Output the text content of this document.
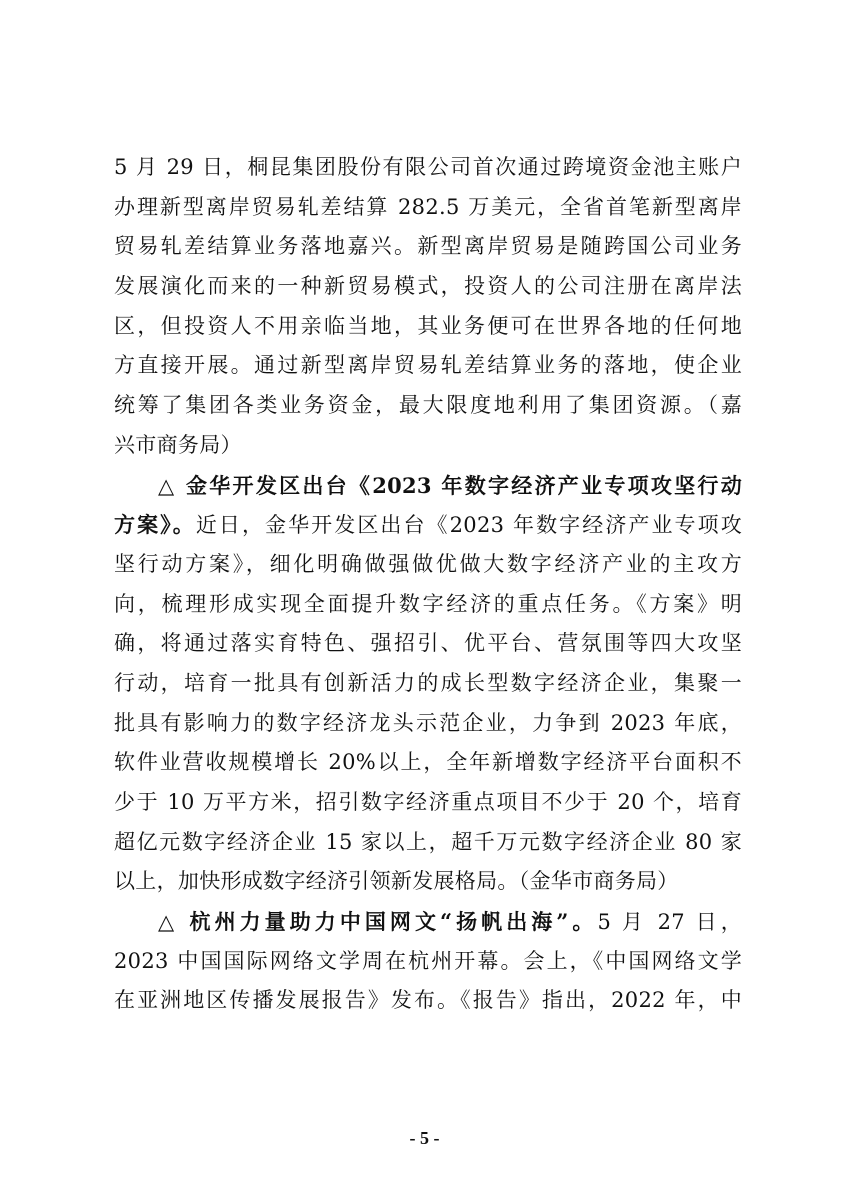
5 月 29 日，桐昆集团股份有限公司首次通过跨境资金池主账户
办理新型离岸贸易轧差结算 282.5 万美元，全省首笔新型离岸
贸易轧差结算业务落地嘉兴。新型离岸贸易是随跨国公司业务
发展演化而来的一种新贸易模式，投资人的公司注册在离岸法
区，但投资人不用亲临当地，其业务便可在世界各地的任何地
方直接开展。通过新型离岸贸易轧差结算业务的落地，使企业
统筹了集团各类业务资金，最大限度地利用了集团资源。（嘉
兴市商务局）
△ 金华开发区出台《2023 年数字经济产业专项攻坚行动
方案》。近日，金华开发区出台《2023 年数字经济产业专项攻
坚行动方案》，细化明确做强做优做大数字经济产业的主攻方
向，梳理形成实现全面提升数字经济的重点任务。《方案》明
确，将通过落实育特色、强招引、优平台、营氛围等四大攻坚
行动，培育一批具有创新活力的成长型数字经济企业，集聚一
批具有影响力的数字经济龙头示范企业，力争到 2023 年底，
软件业营收规模增长 20%以上，全年新增数字经济平台面积不
少于 10 万平方米，招引数字经济重点项目不少于 20 个，培育
超亿元数字经济企业 15 家以上，超千万元数字经济企业 80 家
以上，加快形成数字经济引领新发展格局。（金华市商务局）
△ 杭州力量助力中国网文“扬帆出海”。5 月 27 日，
2023 中国国际网络文学周在杭州开幕。会上，《中国网络文学
在亚洲地区传播发展报告》发布。《报告》指出，2022 年，中
- 5 -
